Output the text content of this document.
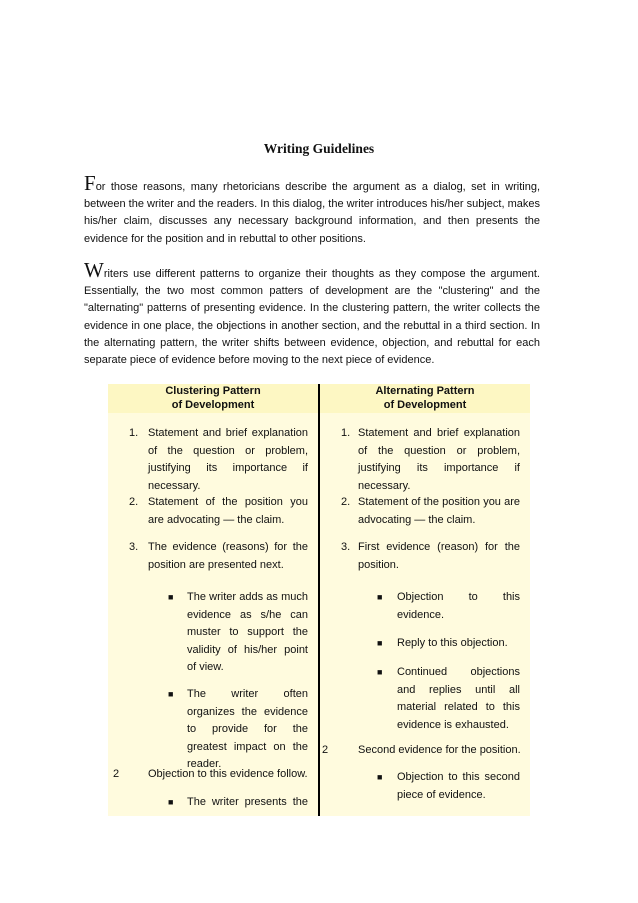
Writing Guidelines

For those reasons, many rhetoricians describe the argument as a dialog, set in writing, between the writer and the readers. In this dialog, the writer introduces his/her subject, makes his/her claim, discusses any necessary background information, and then presents the evidence for the position and in rebuttal to other positions.

Writers use different patterns to organize their thoughts as they compose the argument. Essentially, the two most common patters of development are the "clustering" and the "alternating" patterns of presenting evidence. In the clustering pattern, the writer collects the evidence in one place, the objections in another section, and the rebuttal in a third section. In the alternating pattern, the writer shifts between evidence, objection, and rebuttal for each separate piece of evidence before moving to the next piece of evidence.

Clustering Pattern
of Development
Alternating Pattern
of Development
1. Statement and brief explanation of the question or problem, justifying its importance if necessary.
2. Statement of the position you are advocating — the claim.
3. The evidence (reasons) for the position are presented next.
■ The writer adds as much evidence as s/he can muster to support the validity of his/her point of view.
■ The writer often organizes the evidence to provide for the greatest impact on the reader.
2	Objection to this evidence follow.
■ The writer presents the
1. Statement and brief explanation of the question or problem, justifying its importance if necessary.
2. Statement of the position you are advocating — the claim.
3. First evidence (reason) for the position.
■ Objection to this evidence.
■ Reply to this objection.
■ Continued objections and replies until all material related to this evidence is exhausted.
2	Second evidence for the position.
■ Objection to this second piece of evidence.
